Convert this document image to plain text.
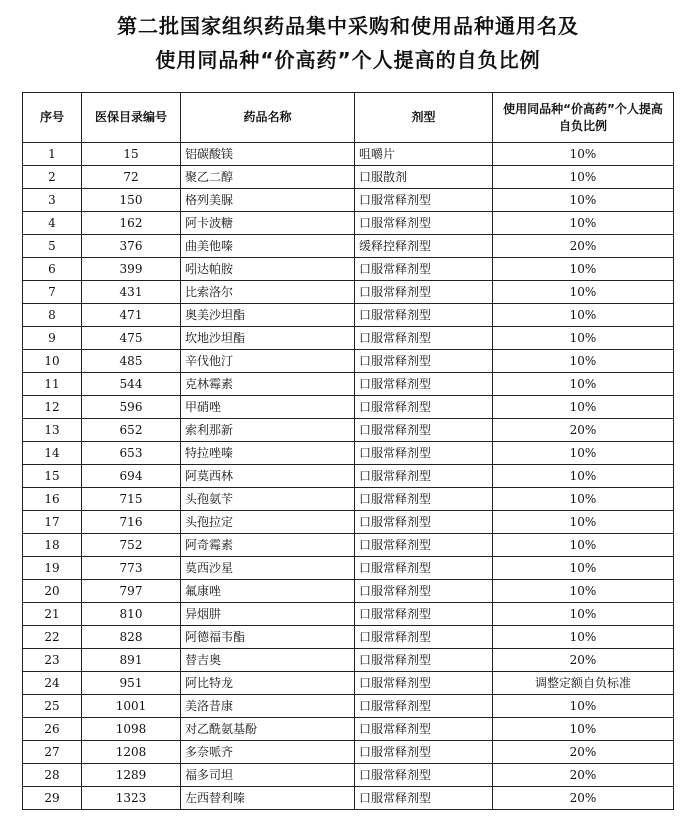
第二批国家组织药品集中采购和使用品种通用名及
使用同品种“价高药”个人提高的自负比例
序号	医保目录编号	药品名称	剂型	使用同品种“价高药”个人提高自负比例
1	15	铝碳酸镁	咀嚼片	10%
2	72	聚乙二醇	口服散剂	10%
3	150	格列美脲	口服常释剂型	10%
4	162	阿卡波糖	口服常释剂型	10%
5	376	曲美他嗪	缓释控释剂型	20%
6	399	吲达帕胺	口服常释剂型	10%
7	431	比索洛尔	口服常释剂型	10%
8	471	奥美沙坦酯	口服常释剂型	10%
9	475	坎地沙坦酯	口服常释剂型	10%
10	485	辛伐他汀	口服常释剂型	10%
11	544	克林霉素	口服常释剂型	10%
12	596	甲硝唑	口服常释剂型	10%
13	652	索利那新	口服常释剂型	20%
14	653	特拉唑嗪	口服常释剂型	10%
15	694	阿莫西林	口服常释剂型	10%
16	715	头孢氨苄	口服常释剂型	10%
17	716	头孢拉定	口服常释剂型	10%
18	752	阿奇霉素	口服常释剂型	10%
19	773	莫西沙星	口服常释剂型	10%
20	797	氟康唑	口服常释剂型	10%
21	810	异烟肼	口服常释剂型	10%
22	828	阿德福韦酯	口服常释剂型	10%
23	891	替吉奥	口服常释剂型	20%
24	951	阿比特龙	口服常释剂型	调整定额自负标准
25	1001	美洛昔康	口服常释剂型	10%
26	1098	对乙酰氨基酚	口服常释剂型	10%
27	1208	多奈哌齐	口服常释剂型	20%
28	1289	福多司坦	口服常释剂型	20%
29	1323	左西替利嗪	口服常释剂型	20%
